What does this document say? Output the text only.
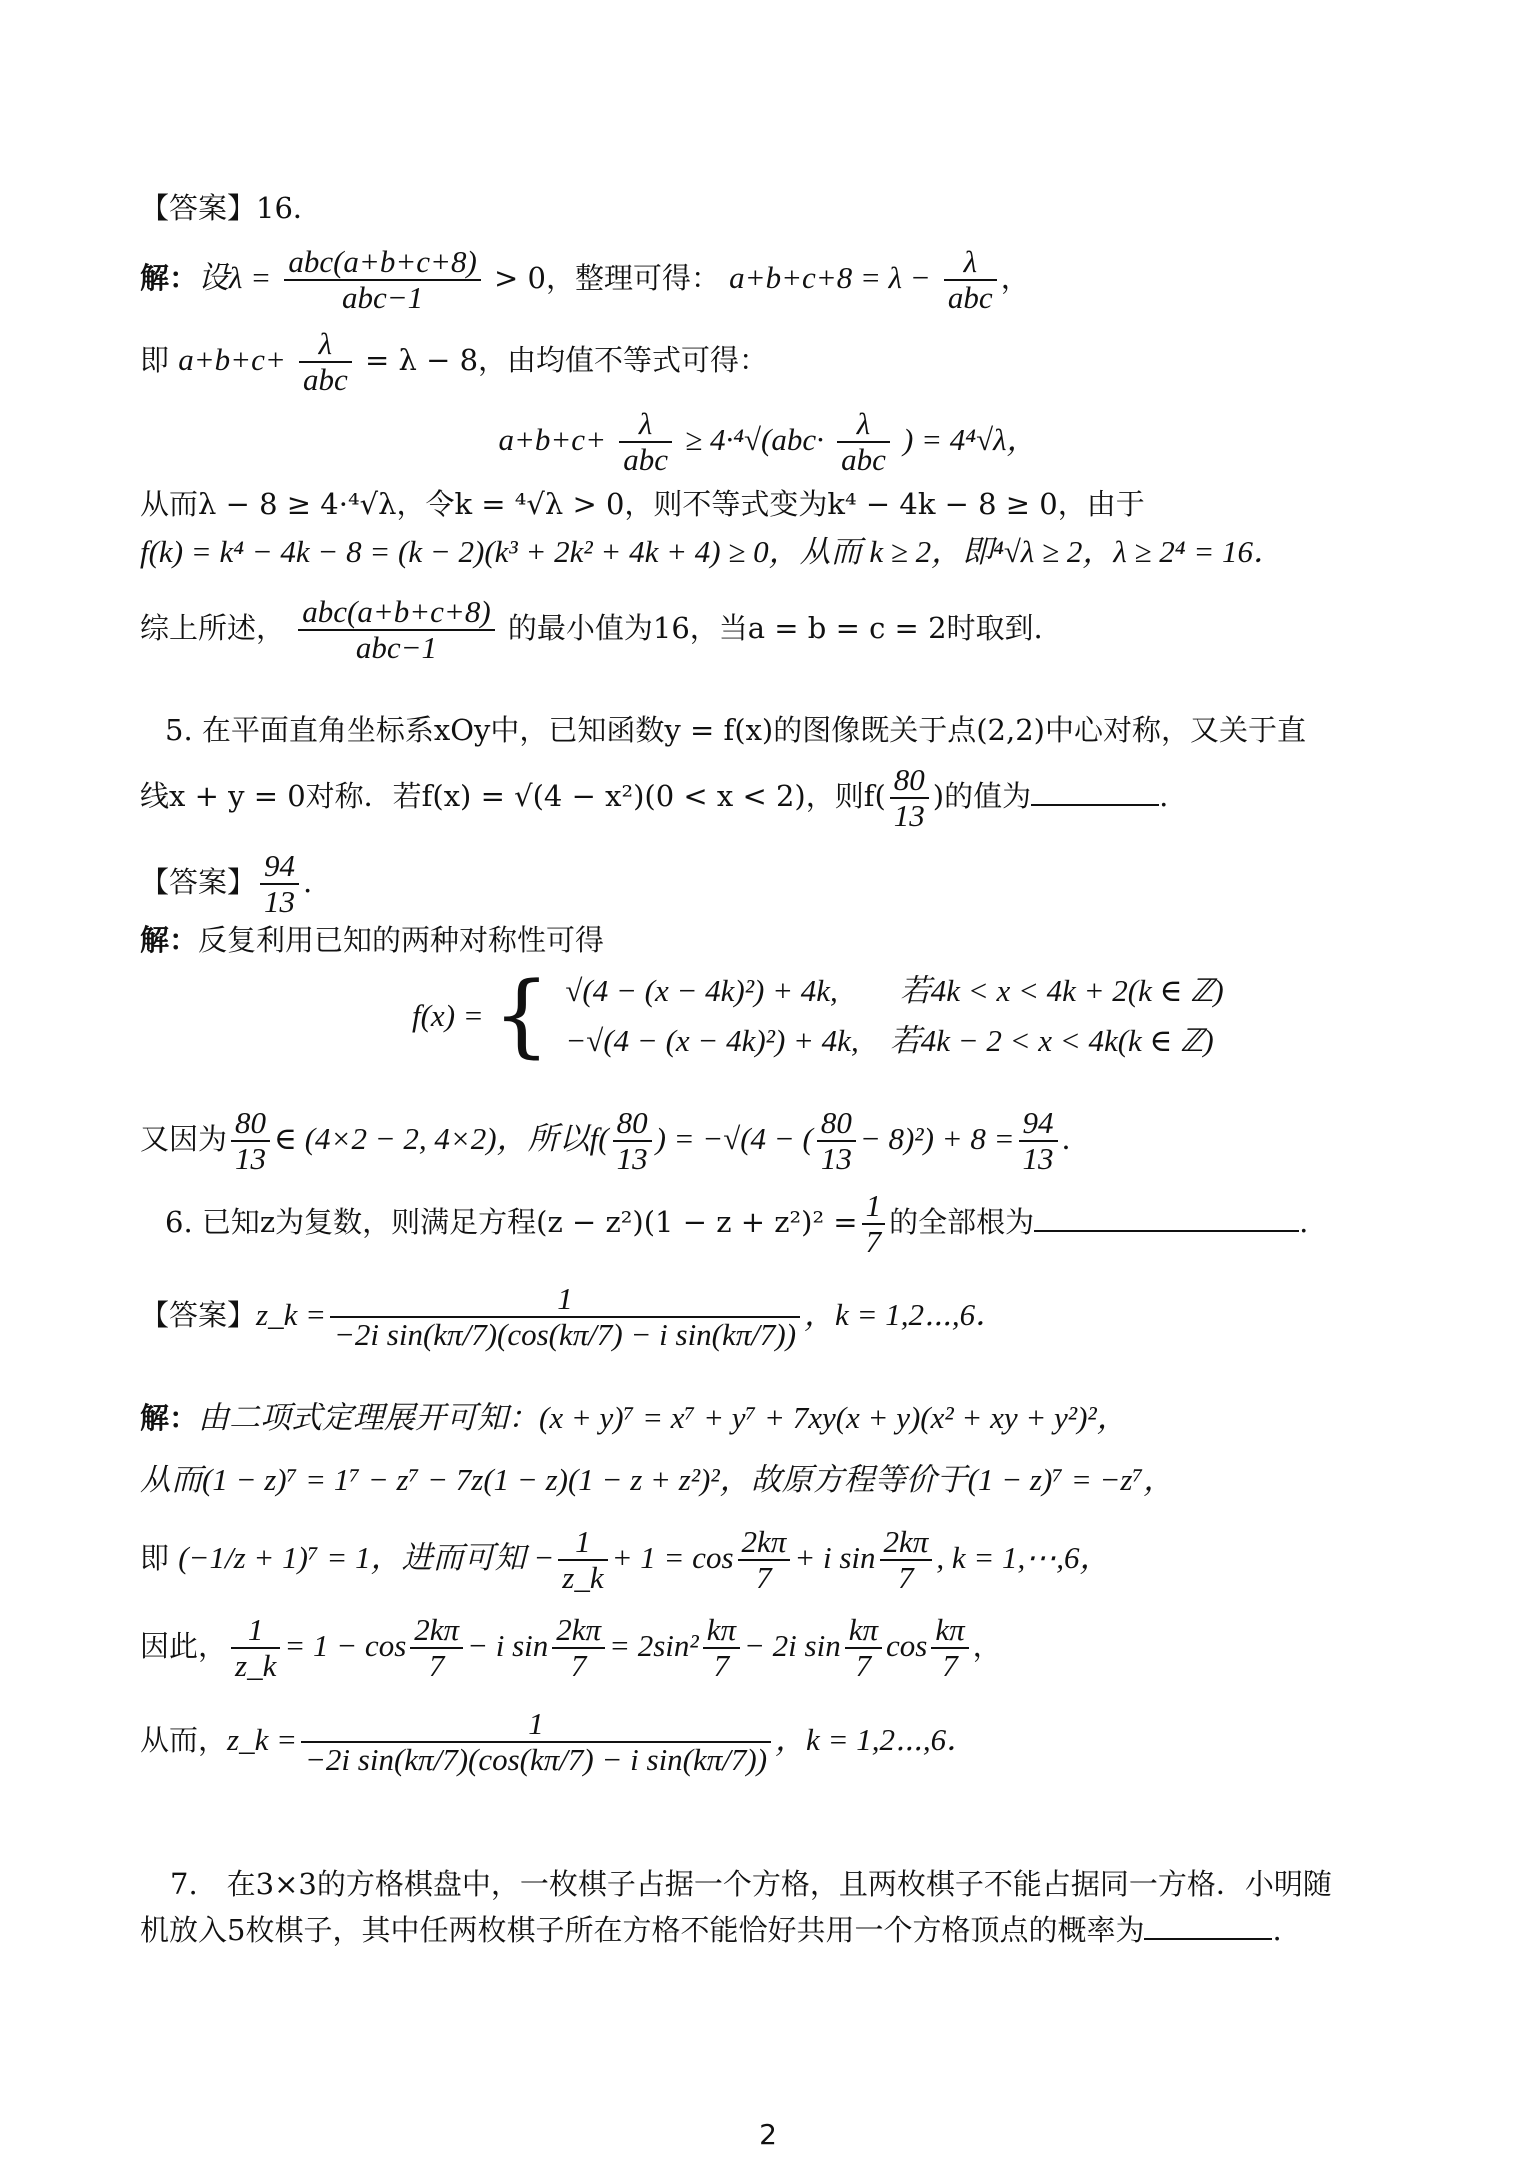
【答案】16．
解：设$\lambda = \frac{\text{abc(a+b+c+8)}}{\text{abc−1}} > 0$，整理可得： $a+b+c+8 = \lambda - \frac{\lambda}{\text{abc}}$ ，
即 $a+b+c+ \frac{\lambda}{\text{abc}} = \lambda - 8$，由均值不等式可得：
$a+b+c+ \frac{\lambda}{\text{abc}} \ge 4\cdot^4√(abc\cdot \frac{\lambda}{\text{abc}}$ ) = 4⁴√λ，
从而λ − 8 ≥ 4·⁴√λ，令k = ⁴√λ > 0，则不等式变为k⁴ − 4k − 8 ≥ 0，由于
f(k) = k⁴ − 4k − 8 = (k − 2)(k³ + 2k² + 4k + 4) ≥ 0，从而 k ≥ 2，即⁴√λ ≥ 2，λ ≥ 2⁴ = 16．
综上所述， $\frac{\text{abc(a+b+c+8)}}{\text{abc−1}}$ 的最小值为16，当a = b = c = 2时取到.
5. 在平面直角坐标系xOy中，已知函数y = f(x)的图像既关于点(2,2)中心对称，又关于直
线x + y = 0对称．若f(x) = √(4 − x²)(0 < x < 2)，则$f( \frac{80}{13}$ )的值为	.
【答案】 $\frac{94}{13}$ .
解：反复利用已知的两种对称性可得
f(x) = { √(4 − (x − 4k)²) + 4k,　　若4k < x < 4k + 2(k ∈ ℤ)
−√(4 − (x − 4k)²) + 4k,　若4k − 2 < x < 4k(k ∈ ℤ)
又因为 $\frac{80}{13}$ ∈ (4×2 − 2, 4×2)，所以$f( \frac{80}{13}$ ) = −√(4 − ( $\frac{80}{13} - 8)^2) + 8 = \frac{94}{13}$ ．
6. 已知z为复数，则满足方程$(z - z^2)(1 - z + z^2)^2 = \frac{1}{7}$ 的全部根为	.
【答案】z_k = $\frac{1}{\text{−2i sin(kπ/7)(cos(kπ/7) − i sin(kπ/7))}}$ ，k = 1,2⋯,6．
解：由二项式定理展开可知：(x + y)⁷ = x⁷ + y⁷ + 7xy(x + y)(x² + xy + y²)²，
从而(1 − z)⁷ = 1⁷ − z⁷ − 7z(1 − z)(1 − z + z²)²，故原方程等价于(1 − z)⁷ = −z⁷，
即 (−1/z + 1)⁷ = 1，进而可知 − $\frac{1}{z\_k} + 1 = \cos \frac{2k\pi}{7} + i$ $\sin \frac{2k\pi}{7}$ , k = 1,⋯,6，
因此， $\frac{1}{z\_k} = 1 - \cos \frac{2k\pi}{7} - i$ $\sin \frac{2k\pi}{7} = 2\sin^2 \frac{k\pi}{7} - 2i$ $\sin \frac{k\pi}{7}$ $\cos \frac{k\pi}{7}$ ，
从而，z_k = $\frac{1}{\text{−2i sin(kπ/7)(cos(kπ/7) − i sin(kπ/7))}}$ ，k = 1,2⋯,6．
7.　在3×3的方格棋盘中，一枚棋子占据一个方格，且两枚棋子不能占据同一方格．小明随
机放入5枚棋子，其中任两枚棋子所在方格不能恰好共用一个方格顶点的概率为	.
2
